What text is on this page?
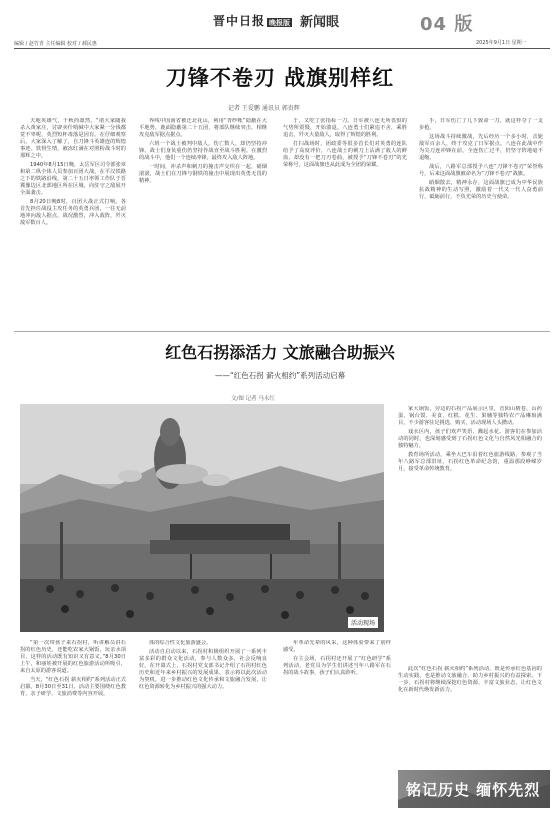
编辑 / 赵竹青 主任编辑 校对 / 郝民惠
晋中日报 晚报版 新闻眼	04 版
2025年9月1日 星期一
刀锋不卷刃 战旗别样红
记者 王爱鹏 通讯员 郭贵辉

天地英雄气，千秋尚凛然。“诸大家随我杀入黄家庄，讨辟卖什哨缄中大家紧一分钱都觉不辜呢，英烈短杯毒落是因有。在仔细观察后，大家深入了解了，自刀锋斗英雄连的辉煌事迹。铁督生情，被冻红满在对照粉战斗时的那辉之中。

1940年8月15日晚，太岳军区司令部张章和第二纵全体人员参加百团大战，在平汉铁路之下的铁路沿线，第二十五日率领工作队于晋冀豫边区北部地区所在区城，向驻守之敌展开全面袭击。

8月20日晚8时，百团大战正式打响。各首先担任战役主攻任务的英勇兵团，一往无前地冲向敌人据点，战况激烈，冲入敌阵，歼灭敌军数百人。

界线中国南省被迁北花山，利用“青纱帐”隐蔽在大平地势，鹿面隐蔽第二十五团，将部队继续突击，相继攻克敌军据点据点。

六班一个战士被判中敌人，伤亡数人，却仍坚持冲锋。战士们身负重伤仍坚持作战直至战斗胜利。在激烈的战斗中，他们一个连续冲锋，最终攻入敌人阵地。

一时间，冲杀声和刺刀的撞击声交织在一起，硝烟滚滚，战士们在刀锋与钢铁的撞击中展现出英勇无畏的精神。

于，又吃了张指标一刀。日军被八连无所畏惧的气势所震慑，开始溃退。八连勇士们紧追不舍，乘胜追击，歼灭大量敌人，取得了辉煌的胜利。

打扫战场时，团政委等很多首长们对英勇的连队给予了高度评价。八连战士的刺刀上沾满了敌人的鲜血，却没有一把刀刃卷曲，被授予“刀锋不卷刃”的光荣称号，这面战旗也从此成为全团的荣耀。

手，日军伤亡了几下致命一刀，就这样夺了一支步枪。

这场战斗持续激战，先后经历一个多小时，击毙敌军百余人，终于攻克了日军据点。八连在此战中作为尖刀连冲锋在前，全连伤亡过半，仍坚守阵地毫不退缩。

战后，八路军总部授予八连“刀锋不卷刃”荣誉称号，后来这面战旗被命名为“刀锋不卷刃”战旗。

硝烟散去，精神永存，这面战旗已成为中华民族抗战精神的生动写照，激励着一代又一代人奋勇前行，砥砺前行，不负光荣的历史与使命。

红色石拐添活力 文旅融合助振兴
——“红色石拐 薪火相约”系列活动启幕
文/图 记者 马永红
活动现场

家大锅饭，旁边的石拐产品展示区里，晋阳山楂卷、山药蛋、锅台馍、美食，红糕、花生、果脯等独特农产品琳琅满目，不少游客驻足挑选、购买，活动现场人头攒动。

戏水区内，孩子们欢声笑语，溅起水花。游客们在参加活动的同时，也深刻感受到了石拐红色文化与自然风光相融合的独特魅力。

教育场所活动，乘坐大巴车沿着红色旅游线路，参观了当年八路军总部旧址、石拐红色革命纪念馆，重温那段峥嵘岁月，接受革命传统教育。

“第一次带孩子来石拐村，听讲解员讲石拐的红色历史，还能吃农家大锅饭，玩亲水项目，这样的活动既有知识又有意义。”8月30日上午，和丽娃被开展的红色旅游活动所吸引，来自太原的游客说道。

当天，“红色石拐 薪火相约”系列活动正式启幕。8月30日至31日，活动主要围绕红色教育、亲子研学、文旅消费等内容开展。

体的综合性文化旅游盛会。

活动自启动以来，石拐村积极组织开展了一系列丰富多彩的群众文化活动，参与人数众多，社会反响良好。在开幕式上，石拐村党支部书记介绍了石拐村红色历史和近年来乡村振兴的发展成果，表示将以此次活动为契机，进一步推动红色文化传承和文旅融合发展，让红色资源转化为乡村振兴的强大动力。

年革命先辈的风采，这种体验带来了别样感受。

在主会场，石拐村还开展了“红色研学”系列活动，老党员为学生们讲述当年八路军在石拐的战斗故事，孩子们认真聆听。

此次“红色石拐 薪火相约”系列活动，既是传承红色基因的生动实践，也是推动文旅融合、助力乡村振兴的有益探索。下一步，石拐村将继续深挖红色资源，丰富文旅业态，让红色文化在新时代焕发新活力。

铭记历史 缅怀先烈
